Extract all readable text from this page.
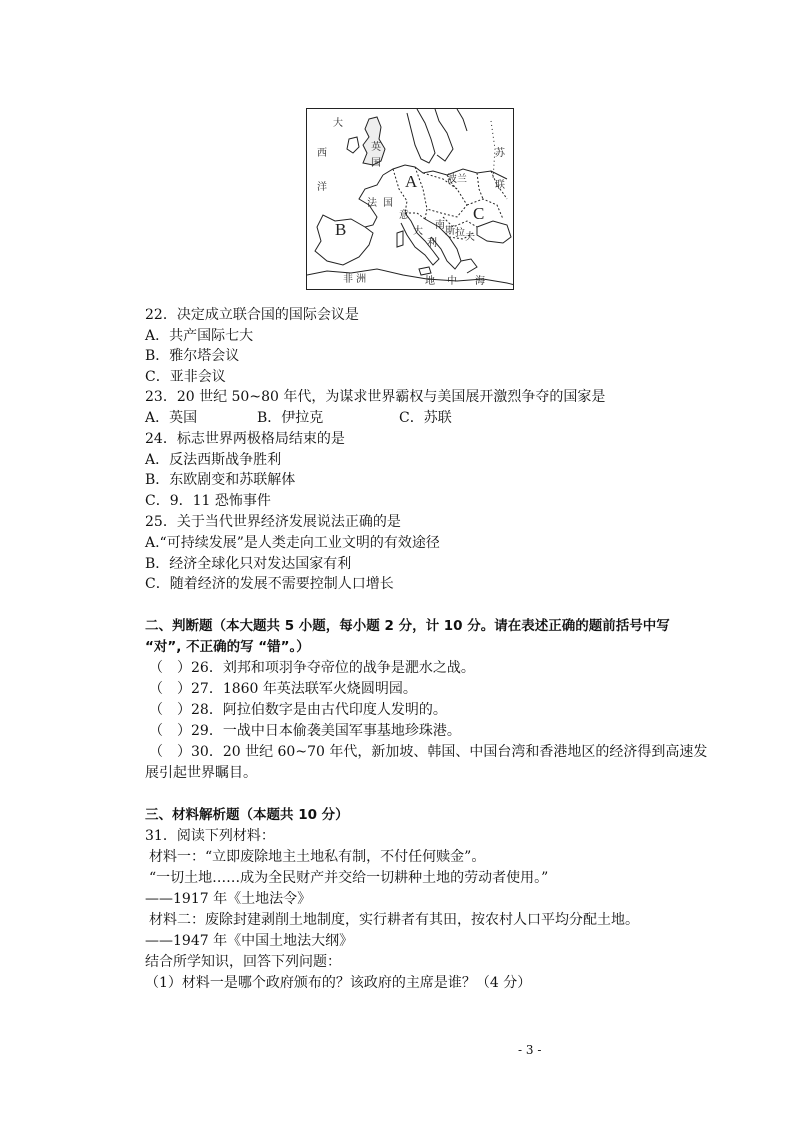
大
西
洋
英
国
法 国
意
大
利
南
斯 拉 夫
波兰
苏
联
非 洲	地 中 海
A
B
C
22．决定成立联合国的国际会议是
A．共产国际七大
B．雅尔塔会议
C．亚非会议
23．20 世纪 50~80 年代，为谋求世界霸权与美国展开激烈争夺的国家是
A．英国	B．伊拉克	C．苏联
24．标志世界两极格局结束的是
A．反法西斯战争胜利
B．东欧剧变和苏联解体
C．9．11 恐怖事件
25．关于当代世界经济发展说法正确的是
A.“可持续发展”是人类走向工业文明的有效途径
B．经济全球化只对发达国家有利
C．随着经济的发展不需要控制人口增长
二、判断题（本大题共 5 小题，每小题 2 分，计 10 分。请在表述正确的题前括号中写
“对”, 不正确的写 “错”。）
（　）26．刘邦和项羽争夺帝位的战争是淝水之战。
（　）27．1860 年英法联军火烧圆明园。
（　）28．阿拉伯数字是由古代印度人发明的。
（　）29．一战中日本偷袭美国军事基地珍珠港。
（　）30．20 世纪 60~70 年代，新加坡、韩国、中国台湾和香港地区的经济得到高速发
展引起世界瞩目。
三、材料解析题（本题共 10 分）
31．阅读下列材料：
材料一：“立即废除地主土地私有制，不付任何赎金”。
“一切土地……成为全民财产并交给一切耕种土地的劳动者使用。”
——1917 年《土地法令》
材料二：废除封建剥削土地制度，实行耕者有其田，按农村人口平均分配土地。
——1947 年《中国土地法大纲》
结合所学知识，回答下列问题：
（1）材料一是哪个政府颁布的？该政府的主席是谁？（4 分）
- 3 -
